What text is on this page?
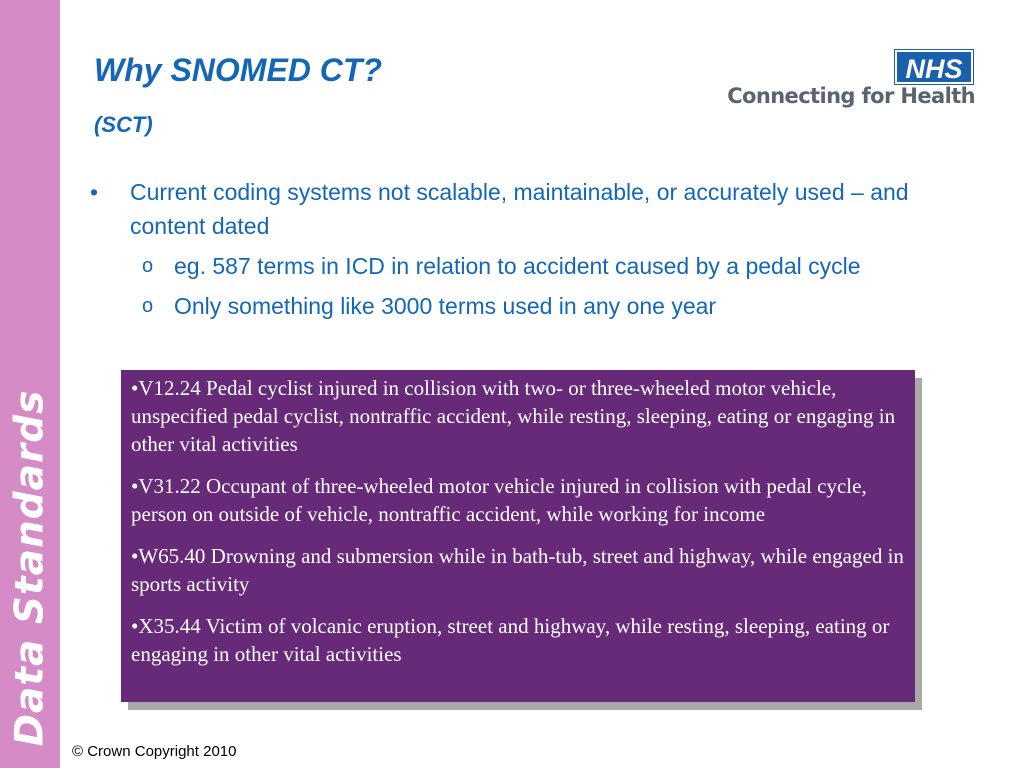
Data Standards
Why SNOMED CT?
(SCT)
NHS
Connecting for Health
• Current coding systems not scalable, maintainable, or accurately used – and content dated
o eg. 587 terms in ICD in relation to accident caused by a pedal cycle
o Only something like 3000 terms used in any one year

•V12.24 Pedal cyclist injured in collision with two- or three-wheeled motor vehicle, unspecified pedal cyclist, nontraffic accident, while resting, sleeping, eating or engaging in other vital activities

•V31.22 Occupant of three-wheeled motor vehicle injured in collision with pedal cycle, person on outside of vehicle, nontraffic accident, while working for income

•W65.40 Drowning and submersion while in bath-tub, street and highway, while engaged in sports activity

•X35.44 Victim of volcanic eruption, street and highway, while resting, sleeping, eating or engaging in other vital activities

© Crown Copyright 2010
